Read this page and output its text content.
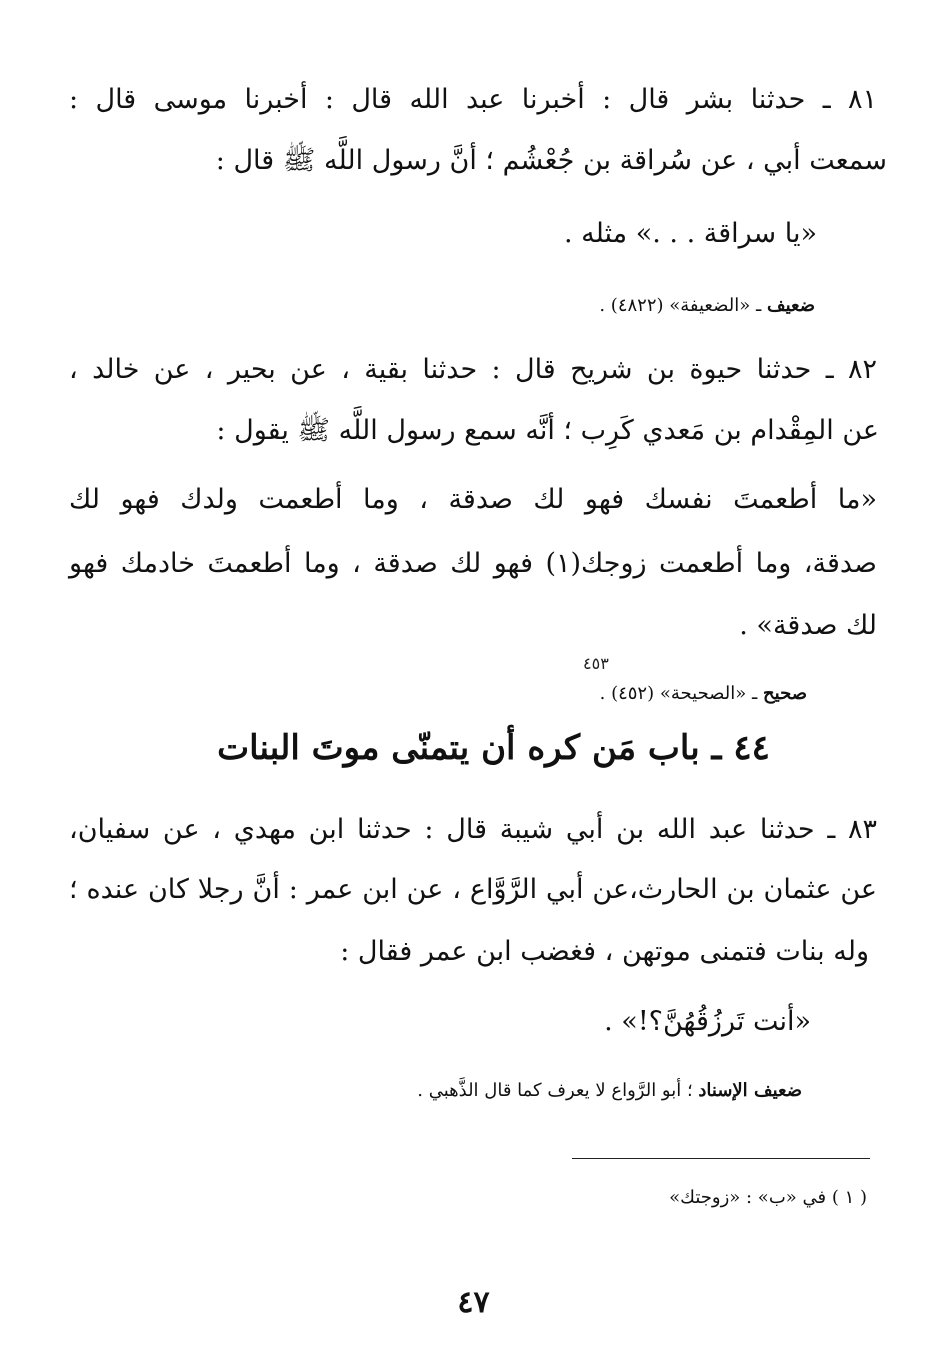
٨١ ـ حدثنا بشر قال : أخبرنا عبد الله قال : أخبرنا موسى قال :

سمعت أبي ، عن سُراقة بن جُعْشُم ؛ أنَّ رسول اللَّه ﷺ قال :

«يا سراقة . . .» مثله .

ضعيف ـ «الضعيفة» (٤٨٢٢) .

٨٢ ـ حدثنا حيوة بن شريح قال : حدثنا بقية ، عن بحير ، عن خالد ،

عن المِقْدام بن مَعدي كَرِب ؛ أنَّه سمع رسول اللَّه ﷺ يقول :

«ما أطعمتَ نفسك فهو لك صدقة ، وما أطعمت ولدك فهو لك

صدقة، وما أطعمت زوجك(١) فهو لك صدقة ، وما أطعمتَ خادمك فهو

لك صدقة» .

٤٥٣

صحيح ـ «الصحيحة» (٤٥٢) .

٤٤ ـ باب مَن كره أن يتمنّى موتَ البنات

٨٣ ـ حدثنا عبد الله بن أبي شيبة قال : حدثنا ابن مهدي ، عن سفيان،

عن عثمان بن الحارث،عن أبي الرَّوَّاع ، عن ابن عمر : أنَّ رجلا كان عنده ؛

وله بنات فتمنى موتهن ، فغضب ابن عمر فقال :

«أنت تَرزُقُهُنَّ؟!» .

ضعيف الإسناد ؛ أبو الرَّواع لا يعرف كما قال الذَّهبي .

( ١ ) في «ب» : «زوجتك»

٤٧
